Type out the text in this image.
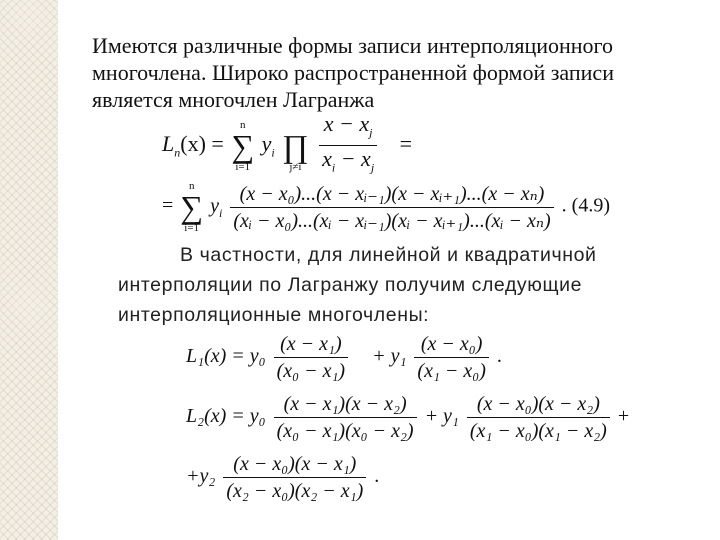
Имеются различные формы записи интерполяционного
многочлена. Широко распространенной формой записи
является многочлен Лагранжа
$L_n(x)$ =
n
∑
i=1
$y_i$
∏
j≠i
$\frac{x - x_j}{x_i - x_j}$ =
=
n
∑
i=1
$y_i \frac{\text{(x − x₀)...(x − xᵢ₋₁)(x − xᵢ₊₁)...(x − xₙ)}}{\text{(xᵢ − x₀)...(xᵢ − xᵢ₋₁)(xᵢ − xᵢ₊₁)...(xᵢ − xₙ)}}$ . (4.9)
В частности, для линейной и квадратичной
интерполяции по Лагранжу получим следующие
интерполяционные многочлены:
$L_1(x) = y_0 \frac{\text{(x − x₁)}}{\text{(x₀ − x₁)}} + y_1 \frac{\text{(x − x₀)}}{\text{(x₁ − x₀)}}$ .
$L_2(x) = y_0 \frac{\text{(x − x₁)(x − x₂)}}{\text{(x₀ − x₁)(x₀ − x₂)}} + y_1 \frac{\text{(x − x₀)(x − x₂)}}{\text{(x₁ − x₀)(x₁ − x₂)}}$ +
$+y_2 \frac{\text{(x − x₀)(x − x₁)}}{\text{(x₂ − x₀)(x₂ − x₁)}}$ .
